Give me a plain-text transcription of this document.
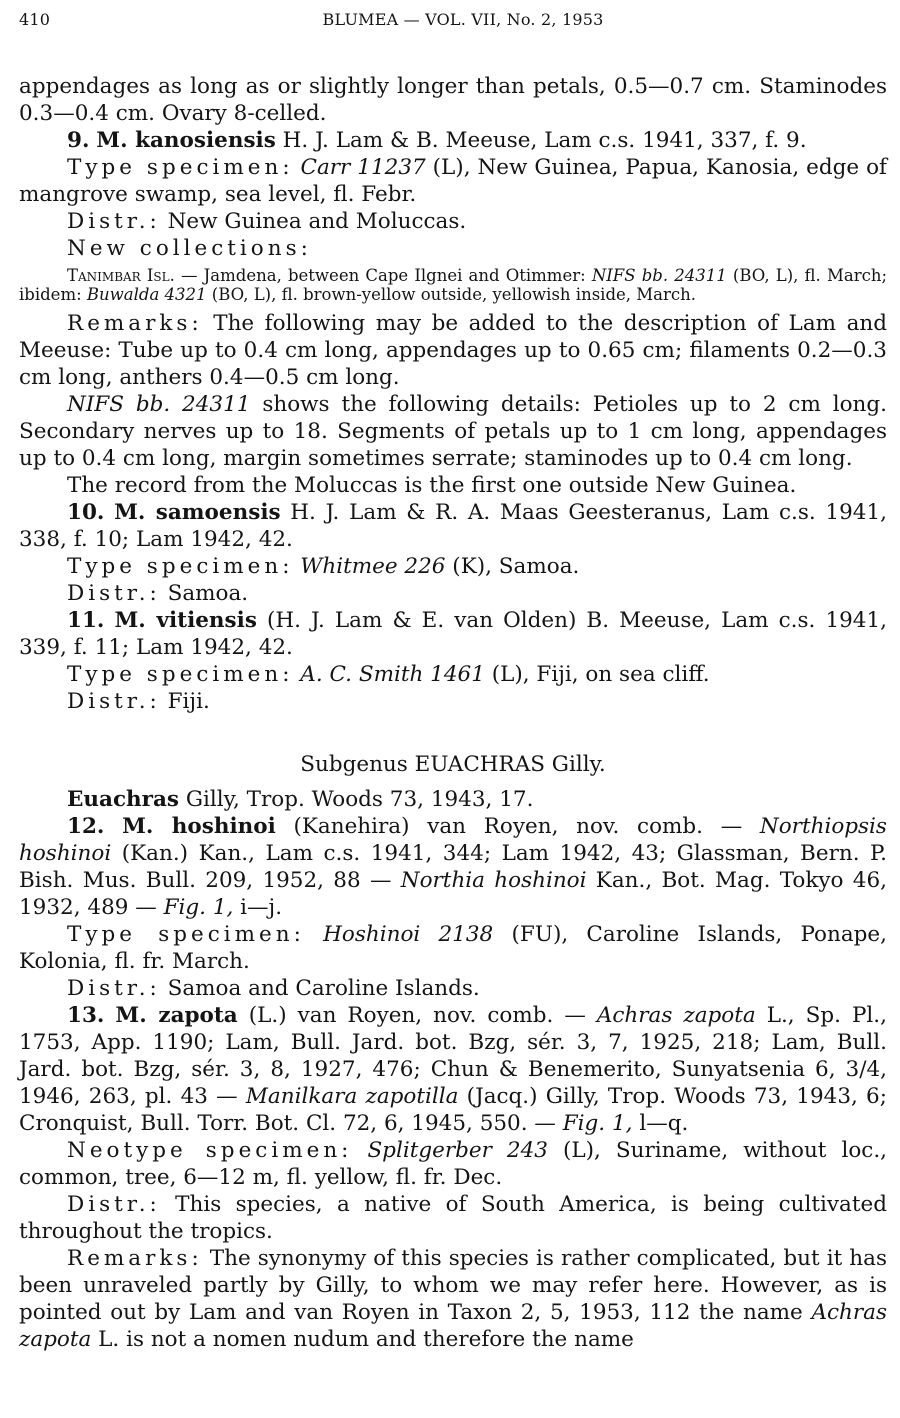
410	BLUMEA — VOL. VII, No. 2, 1953

appendages as long as or slightly longer than petals, 0.5—0.7 cm. Staminodes 0.3—0.4 cm. Ovary 8-celled.

9. M. kanosiensis H. J. Lam & B. Meeuse, Lam c.s. 1941, 337, f. 9.

Type specimen: Carr 11237 (L), New Guinea, Papua, Kanosia, edge of mangrove swamp, sea level, fl. Febr.

Distr.: New Guinea and Moluccas.

New collections:

Tanimbar Isl. — Jamdena, between Cape Ilgnei and Otimmer: NIFS bb. 24311 (BO, L), fl. March; ibidem: Buwalda 4321 (BO, L), fl. brown-yellow outside, yellowish inside, March.

Remarks: The following may be added to the description of Lam and Meeuse: Tube up to 0.4 cm long, appendages up to 0.65 cm; filaments 0.2—0.3 cm long, anthers 0.4—0.5 cm long.

NIFS bb. 24311 shows the following details: Petioles up to 2 cm long. Secondary nerves up to 18. Segments of petals up to 1 cm long, appendages up to 0.4 cm long, margin sometimes serrate; staminodes up to 0.4 cm long.

The record from the Moluccas is the first one outside New Guinea.

10. M. samoensis H. J. Lam & R. A. Maas Geesteranus, Lam c.s. 1941, 338, f. 10; Lam 1942, 42.

Type specimen: Whitmee 226 (K), Samoa.

Distr.: Samoa.

11. M. vitiensis (H. J. Lam & E. van Olden) B. Meeuse, Lam c.s. 1941, 339, f. 11; Lam 1942, 42.

Type specimen: A. C. Smith 1461 (L), Fiji, on sea cliff.

Distr.: Fiji.

Subgenus EUACHRAS Gilly.

Euachras Gilly, Trop. Woods 73, 1943, 17.

12. M. hoshinoi (Kanehira) van Royen, nov. comb. — Northiopsis hoshinoi (Kan.) Kan., Lam c.s. 1941, 344; Lam 1942, 43; Glassman, Bern. P. Bish. Mus. Bull. 209, 1952, 88 — Northia hoshinoi Kan., Bot. Mag. Tokyo 46, 1932, 489 — Fig. 1, i—j.

Type specimen: Hoshinoi 2138 (FU), Caroline Islands, Ponape, Kolonia, fl. fr. March.

Distr.: Samoa and Caroline Islands.

13. M. zapota (L.) van Royen, nov. comb. — Achras zapota L., Sp. Pl., 1753, App. 1190; Lam, Bull. Jard. bot. Bzg, sér. 3, 7, 1925, 218; Lam, Bull. Jard. bot. Bzg, sér. 3, 8, 1927, 476; Chun & Benemerito, Sunyatsenia 6, 3/4, 1946, 263, pl. 43 — Manilkara zapotilla (Jacq.) Gilly, Trop. Woods 73, 1943, 6; Cronquist, Bull. Torr. Bot. Cl. 72, 6, 1945, 550. — Fig. 1, l—q.

Neotype specimen: Splitgerber 243 (L), Suriname, without loc., common, tree, 6—12 m, fl. yellow, fl. fr. Dec.

Distr.: This species, a native of South America, is being cultivated throughout the tropics.

Remarks: The synonymy of this species is rather complicated, but it has been unraveled partly by Gilly, to whom we may refer here. However, as is pointed out by Lam and van Royen in Taxon 2, 5, 1953, 112 the name Achras zapota L. is not a nomen nudum and therefore the name
